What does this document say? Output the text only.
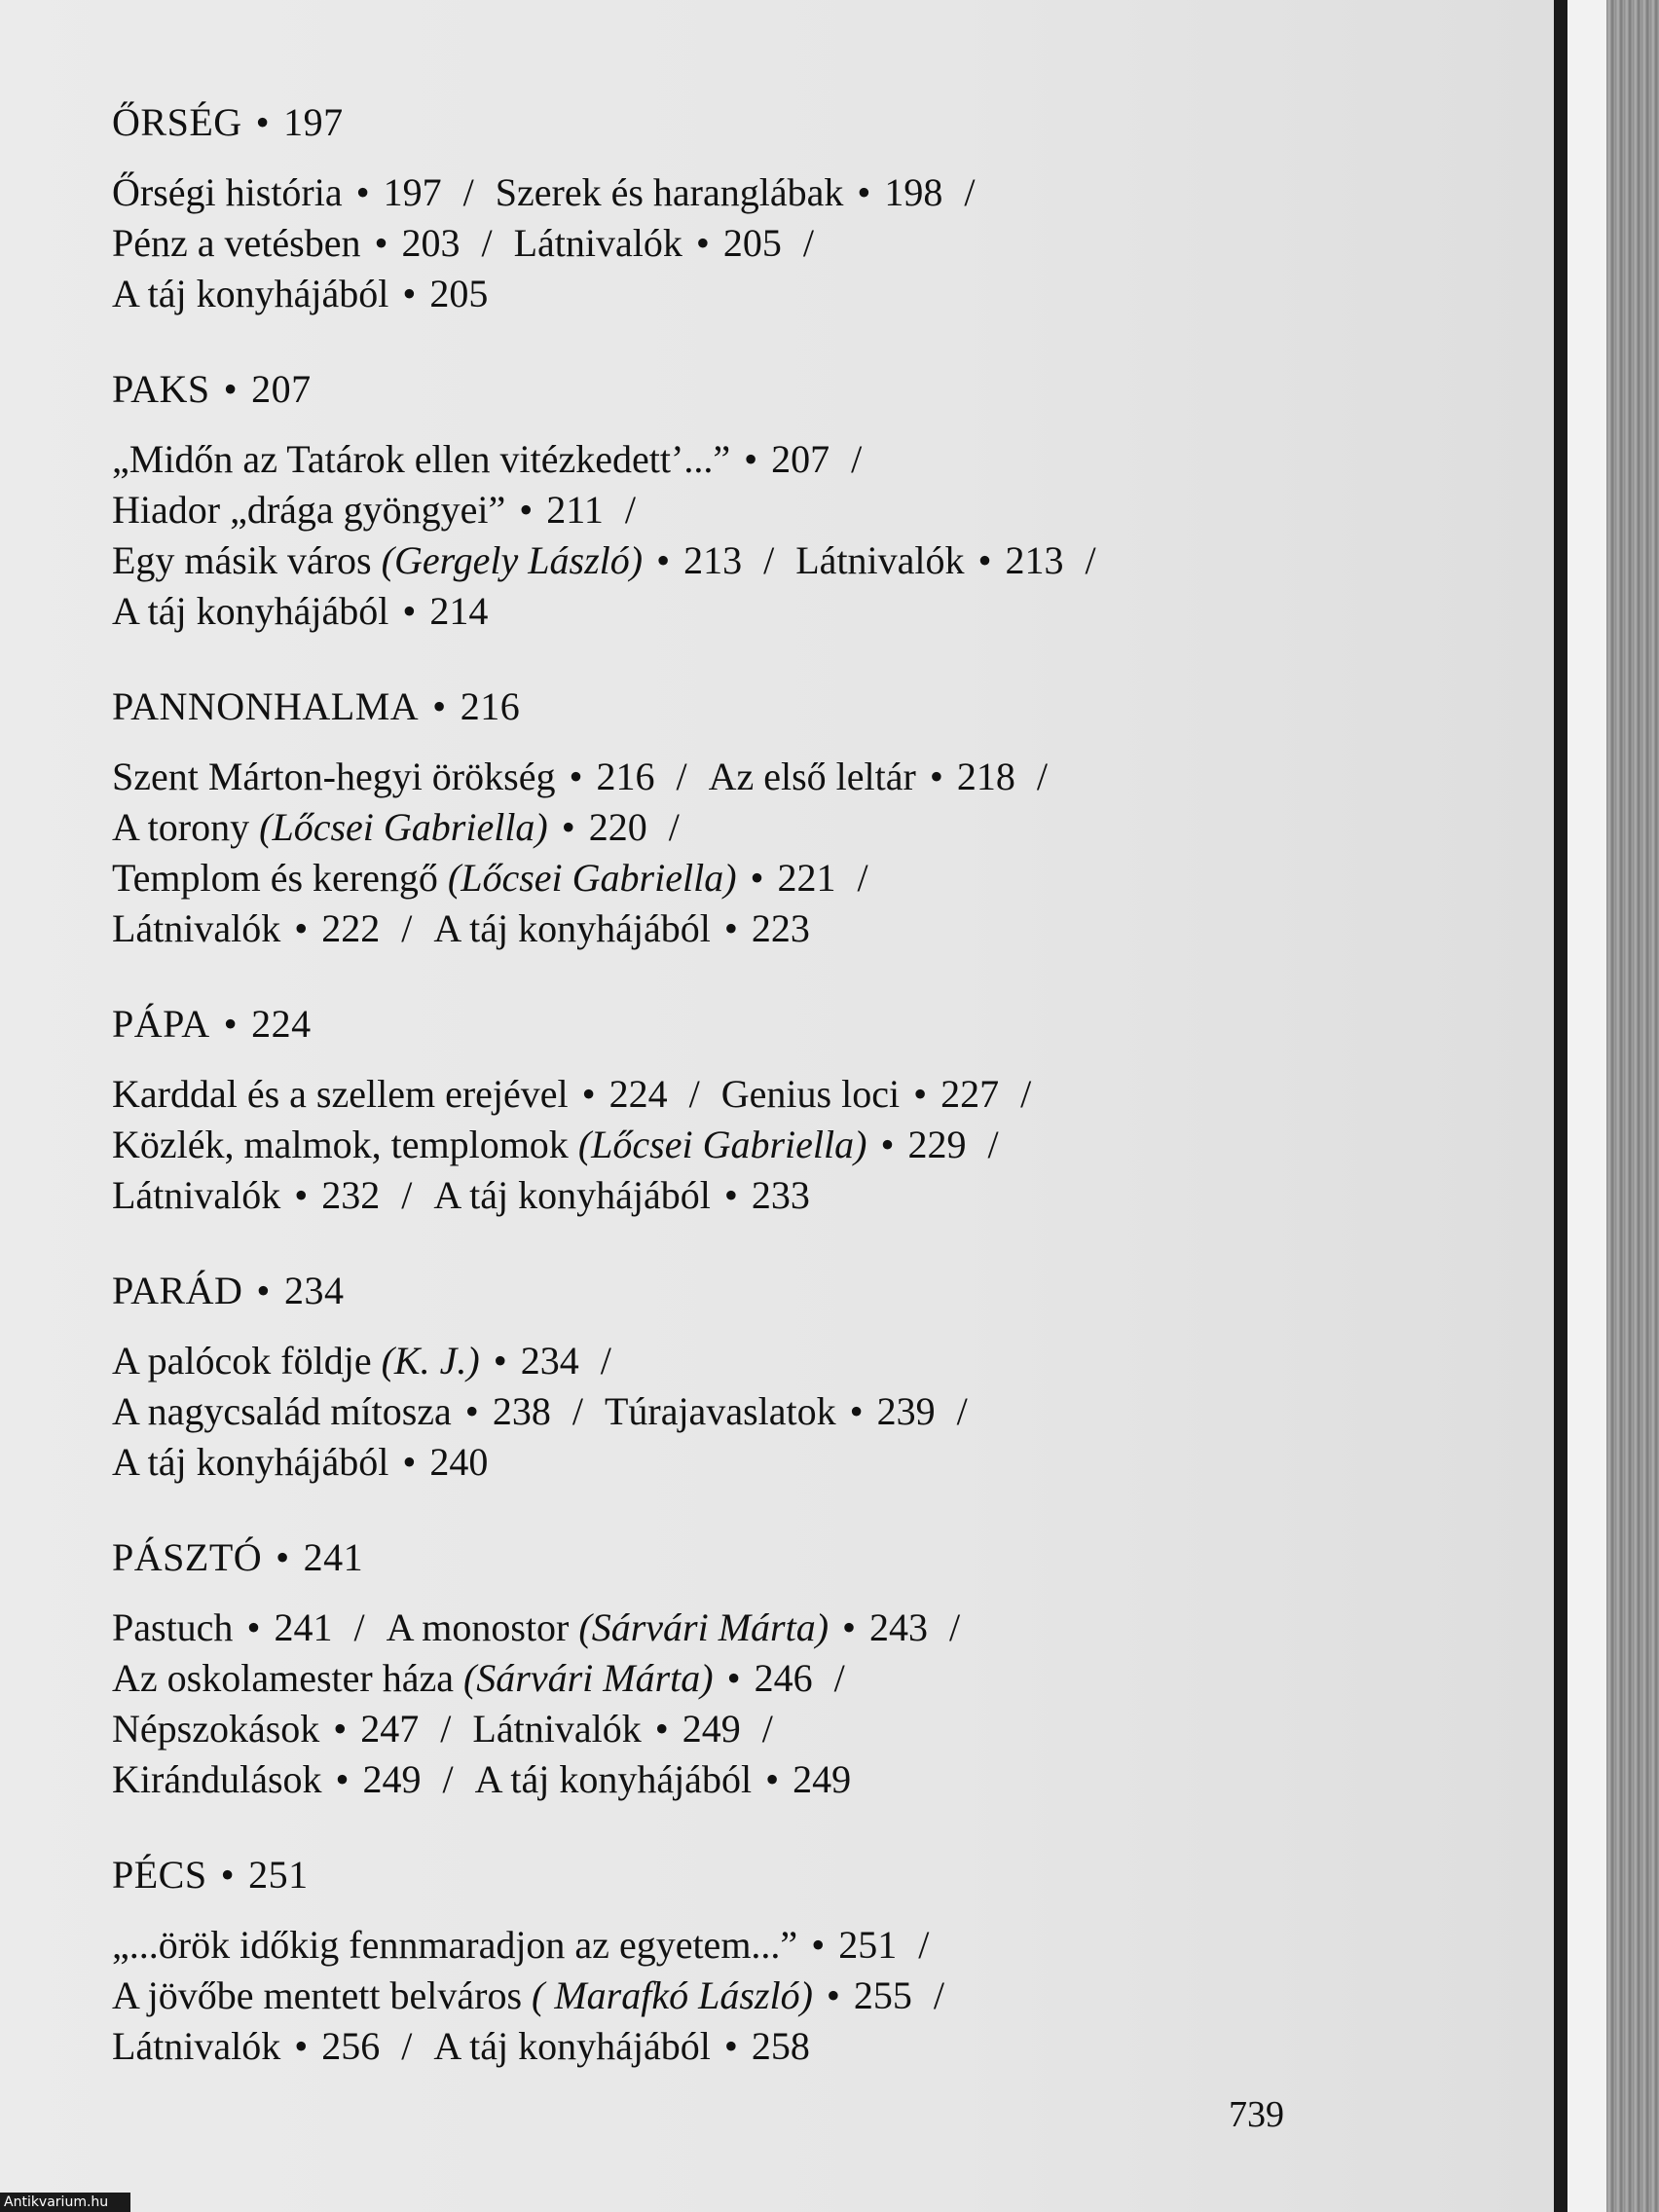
ŐRSÉG • 197
Őrségi história • 197 / Szerek és haranglábak • 198 /
Pénz a vetésben • 203 / Látnivalók • 205 /
A táj konyhájából • 205
PAKS • 207
„Midőn az Tatárok ellen vitézkedett’...” • 207 /
Hiador „drága gyöngyei” • 211 /
Egy másik város (Gergely László) • 213 / Látnivalók • 213 /
A táj konyhájából • 214
PANNONHALMA • 216
Szent Márton-hegyi örökség • 216 / Az első leltár • 218 /
A torony (Lőcsei Gabriella) • 220 /
Templom és kerengő (Lőcsei Gabriella) • 221 /
Látnivalók • 222 / A táj konyhájából • 223
PÁPA • 224
Karddal és a szellem erejével • 224 / Genius loci • 227 /
Közlék, malmok, templomok (Lőcsei Gabriella) • 229 /
Látnivalók • 232 / A táj konyhájából • 233
PARÁD • 234
A palócok földje (K. J.) • 234 /
A nagycsalád mítosza • 238 / Túrajavaslatok • 239 /
A táj konyhájából • 240
PÁSZTÓ • 241
Pastuch • 241 / A monostor (Sárvári Márta) • 243 /
Az oskolamester háza (Sárvári Márta) • 246 /
Népszokások • 247 / Látnivalók • 249 /
Kirándulások • 249 / A táj konyhájából • 249
PÉCS • 251
„...örök időkig fennmaradjon az egyetem...” • 251 /
A jövőbe mentett belváros ( Marafkó László) • 255 /
Látnivalók • 256 / A táj konyhájából • 258
739
Antikvarium.hu
